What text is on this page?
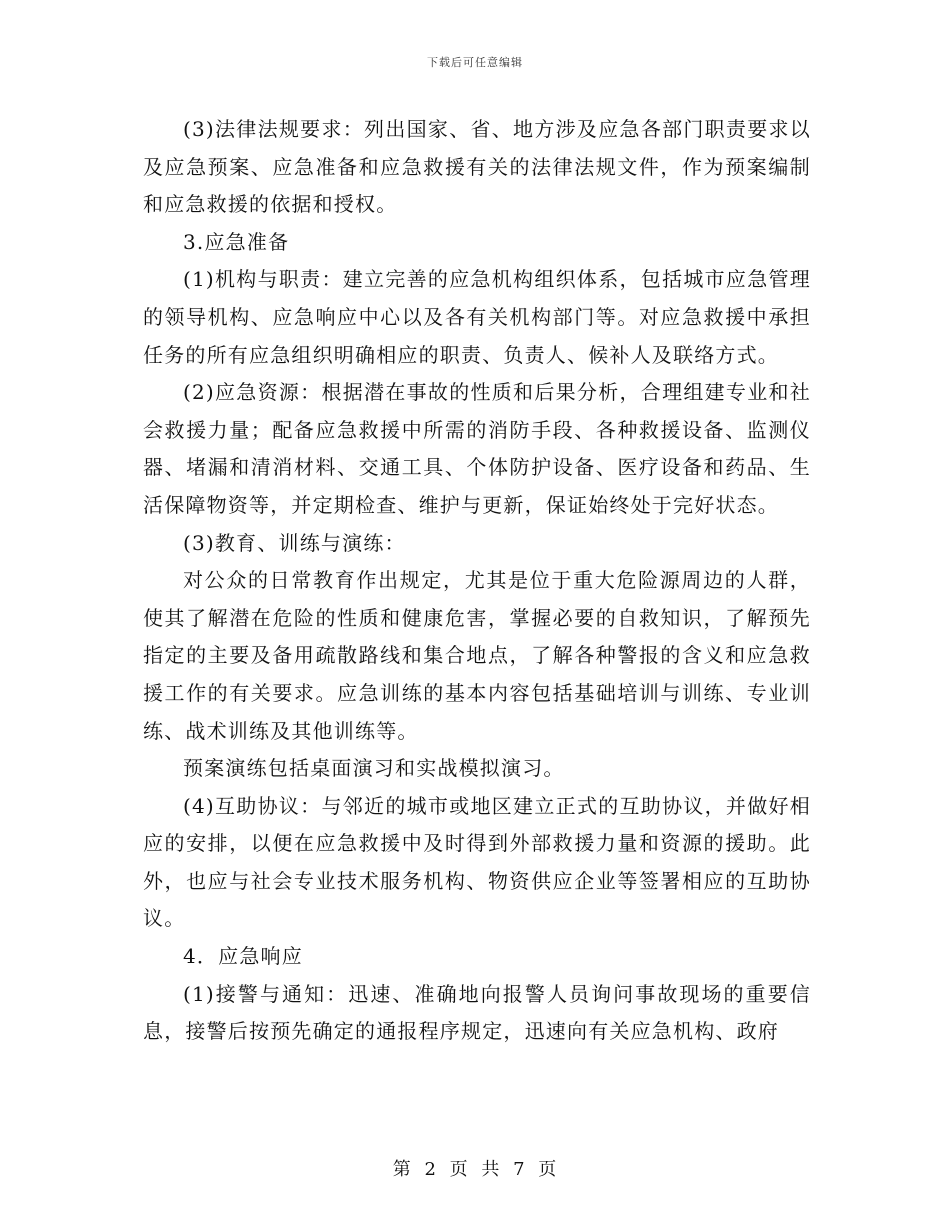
下载后可任意编辑

(3)法律法规要求：列出国家、省、地方涉及应急各部门职责要求以及应急预案、应急准备和应急救援有关的法律法规文件，作为预案编制和应急救援的依据和授权。

3.应急准备

(1)机构与职责：建立完善的应急机构组织体系，包括城市应急管理的领导机构、应急响应中心以及各有关机构部门等。对应急救援中承担任务的所有应急组织明确相应的职责、负责人、候补人及联络方式。

(2)应急资源：根据潜在事故的性质和后果分析，合理组建专业和社会救援力量；配备应急救援中所需的消防手段、各种救援设备、监测仪器、堵漏和清消材料、交通工具、个体防护设备、医疗设备和药品、生活保障物资等，并定期检查、维护与更新，保证始终处于完好状态。

(3)教育、训练与演练：

对公众的日常教育作出规定，尤其是位于重大危险源周边的人群，使其了解潜在危险的性质和健康危害，掌握必要的自救知识，了解预先指定的主要及备用疏散路线和集合地点，了解各种警报的含义和应急救援工作的有关要求。应急训练的基本内容包括基础培训与训练、专业训练、战术训练及其他训练等。

预案演练包括桌面演习和实战模拟演习。

(4)互助协议：与邻近的城市或地区建立正式的互助协议，并做好相应的安排，以便在应急救援中及时得到外部救援力量和资源的援助。此外，也应与社会专业技术服务机构、物资供应企业等签署相应的互助协议。

4．应急响应

(1)接警与通知：迅速、准确地向报警人员询问事故现场的重要信息，接警后按预先确定的通报程序规定，迅速向有关应急机构、政府

第 2 页 共 7 页
